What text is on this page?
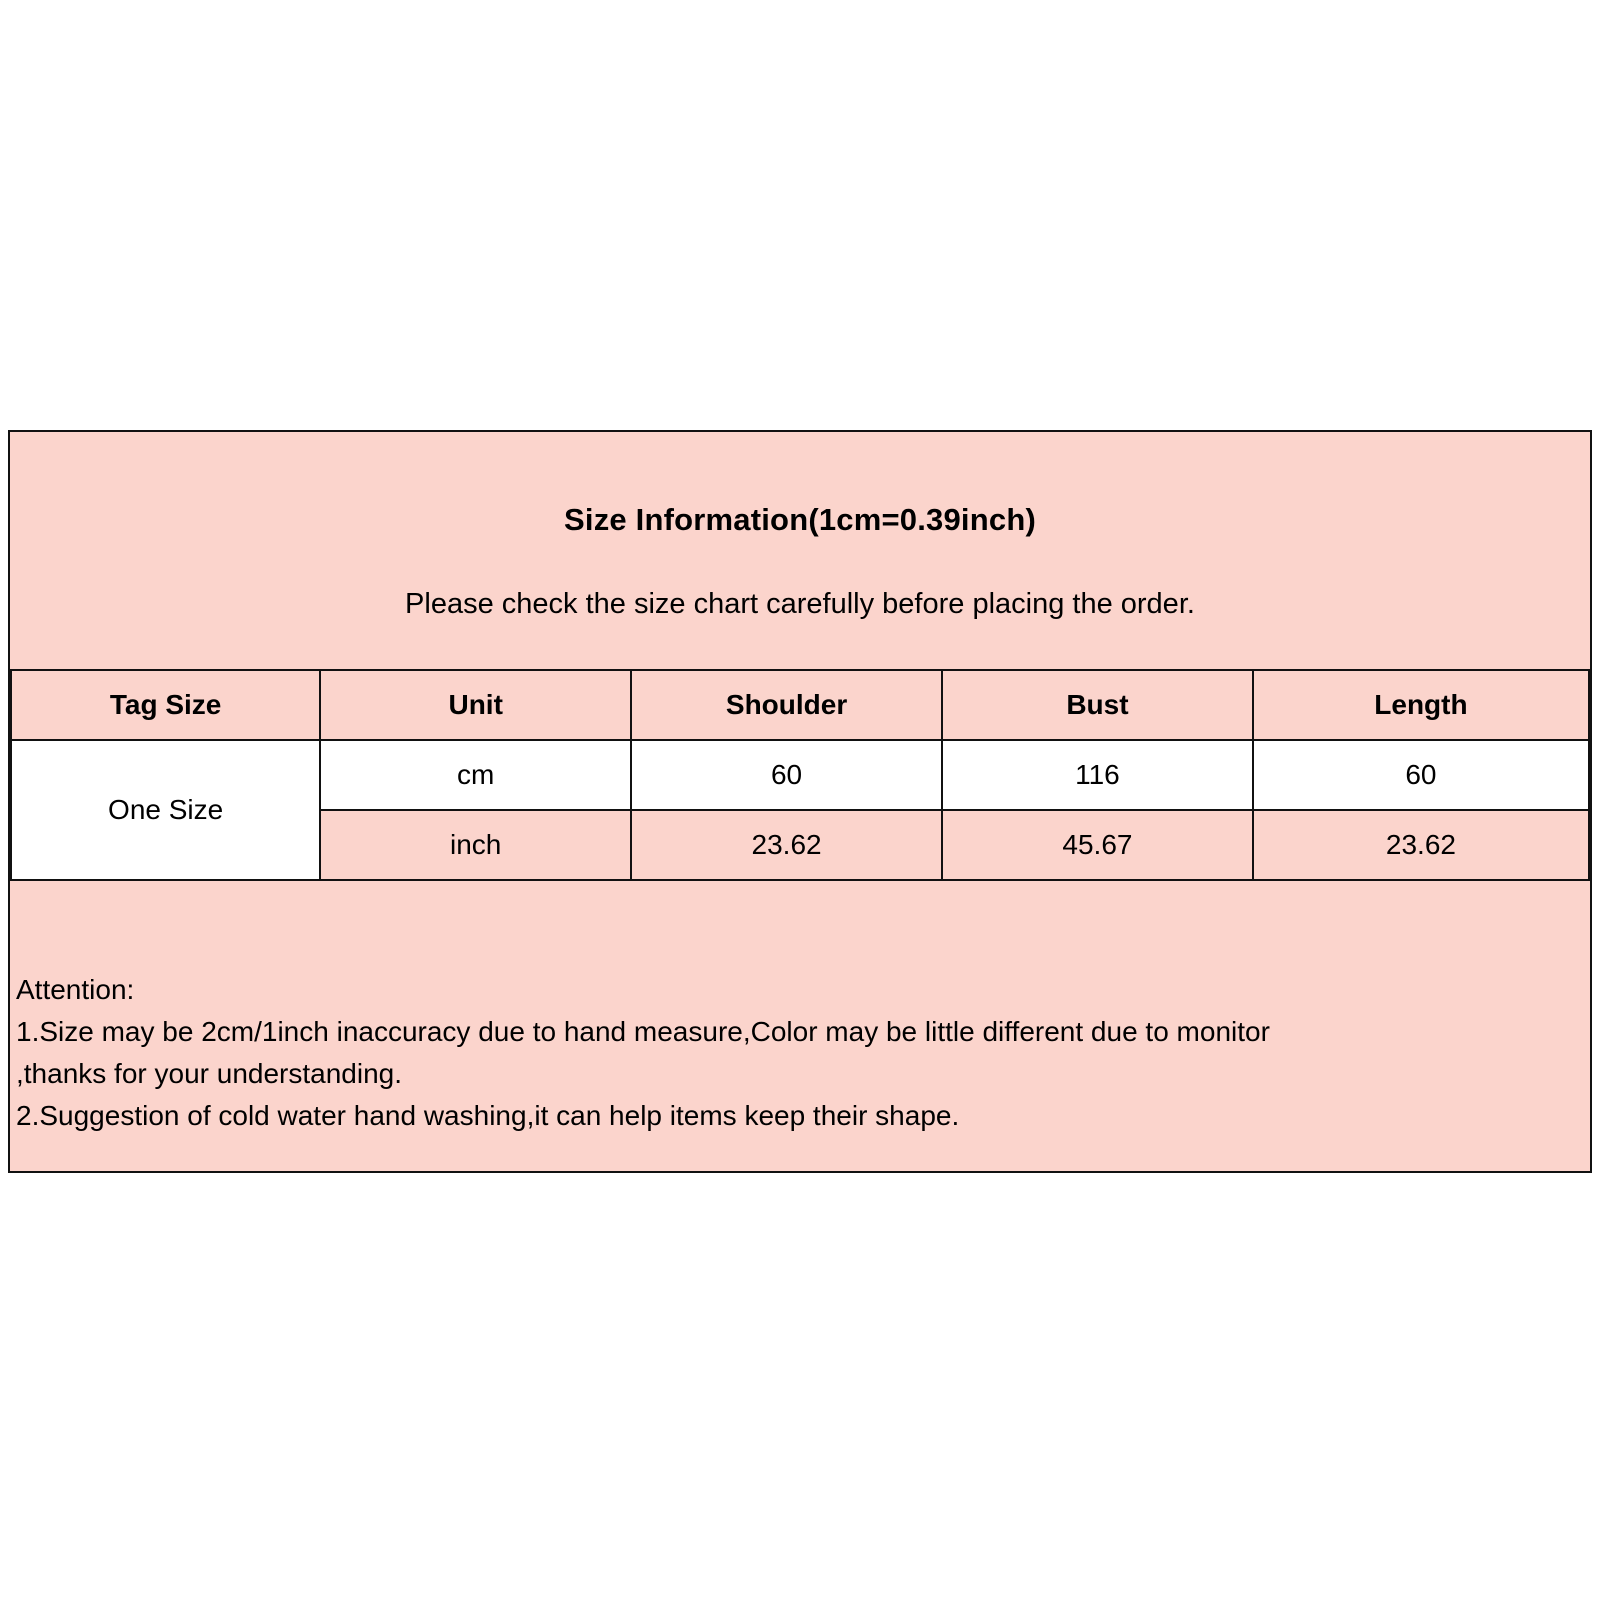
Size Information(1cm=0.39inch)
Please check the size chart carefully before placing the order.
Tag Size	Unit	Shoulder	Bust	Length
One Size	cm	60	116	60
	inch	23.62	45.67	23.62
Attention:
1.Size may be 2cm/1inch inaccuracy due to hand measure,Color may be little different due to monitor
,thanks for your understanding.
2.Suggestion of cold water hand washing,it can help items keep their shape.
